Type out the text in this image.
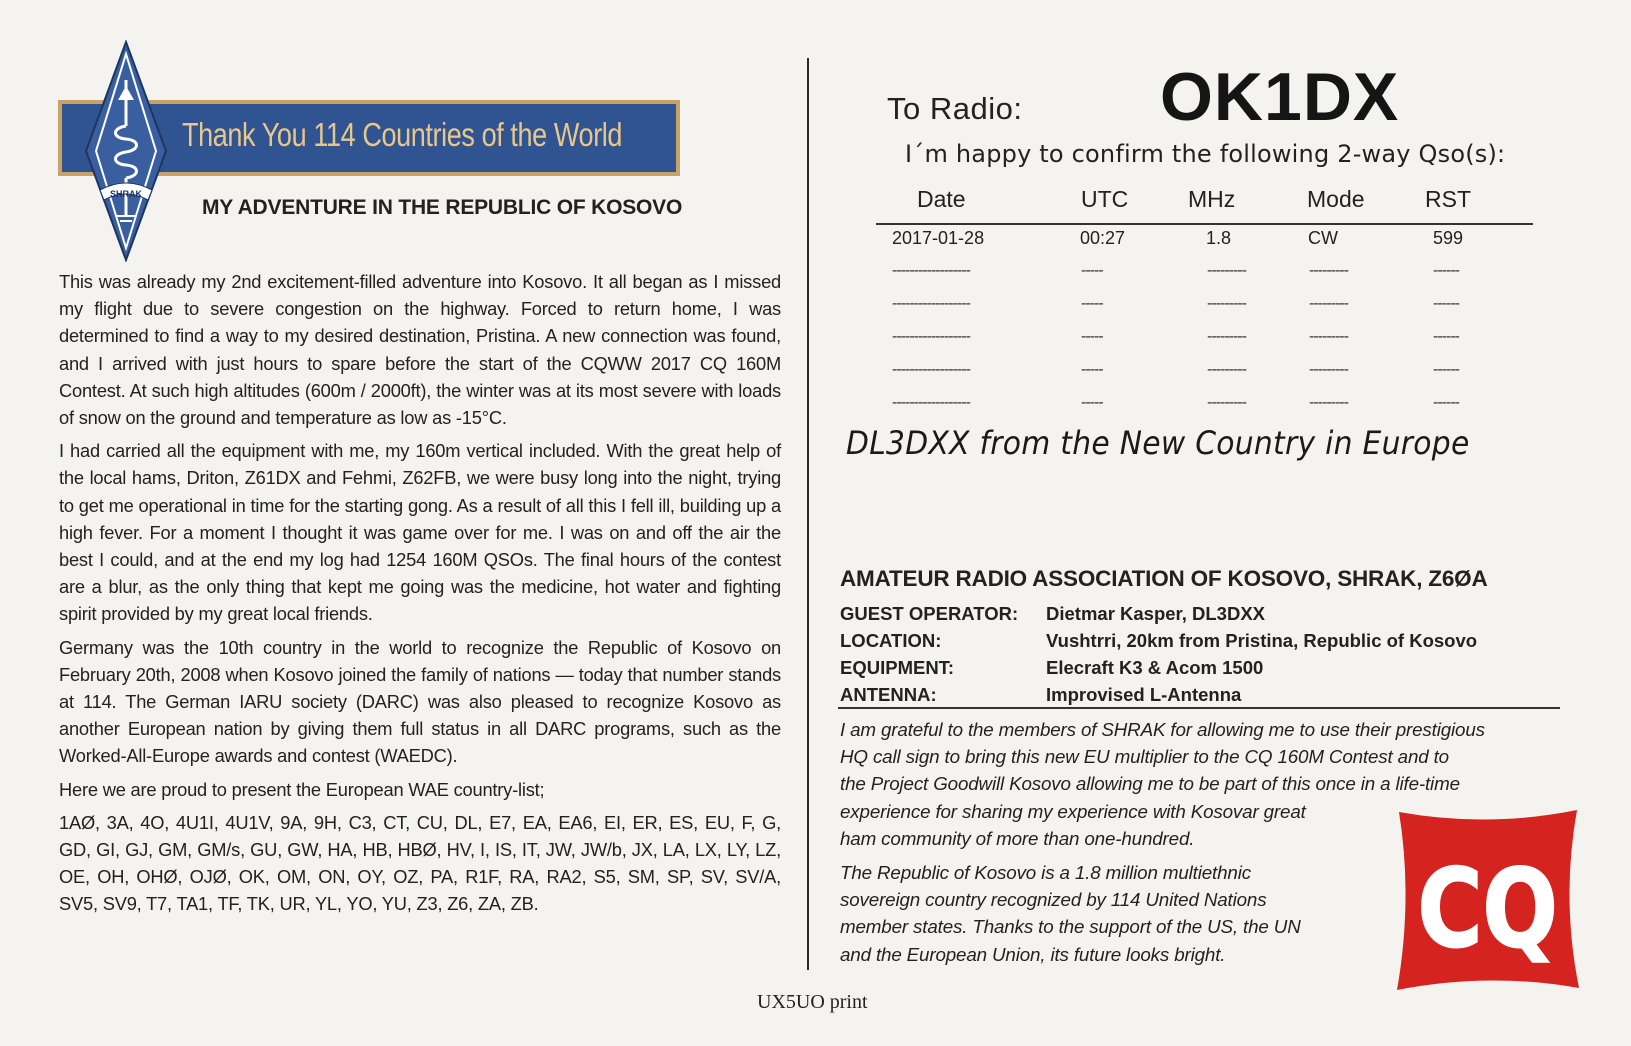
Thank You 114 Countries of the World
SHRAK
MY ADVENTURE IN THE REPUBLIC OF KOSOVO

This was already my 2nd excitement-filled adventure into Kosovo. It all began as I missed my flight due to severe congestion on the highway. Forced to return home, I was determined to find a way to my desired destination, Pristina. A new connection was found, and I arrived with just hours to spare before the start of the CQWW 2017 CQ 160M Contest. At such high altitudes (600m / 2000ft), the winter was at its most severe with loads of snow on the ground and temperature as low as -15°C.

I had carried all the equipment with me, my 160m vertical included. With the great help of the local hams, Driton, Z61DX and Fehmi, Z62FB, we were busy long into the night, trying to get me operational in time for the starting gong. As a result of all this I fell ill, building up a high fever. For a moment I thought it was game over for me. I was on and off the air the best I could, and at the end my log had 1254 160M QSOs. The final hours of the contest are a blur, as the only thing that kept me going was the medicine, hot water and fighting spirit provided by my great local friends.

Germany was the 10th country in the world to recognize the Republic of Kosovo on February 20th, 2008 when Kosovo joined the family of nations — today that number stands at 114. The German IARU society (DARC) was also pleased to recognize Kosovo as another European nation by giving them full status in all DARC programs, such as the Worked-All-Europe awards and contest (WAEDC).

Here we are proud to present the European WAE country-list;

1AØ, 3A, 4O, 4U1I, 4U1V, 9A, 9H, C3, CT, CU, DL, E7, EA, EA6, EI, ER, ES, EU, F, G, GD, GI, GJ, GM, GM/s, GU, GW, HA, HB, HBØ, HV, I, IS, IT, JW, JW/b, JX, LA, LX, LY, LZ, OE, OH, OHØ, OJØ, OK, OM, ON, OY, OZ, PA, R1F, RA, RA2, S5, SM, SP, SV, SV/A, SV5, SV9, T7, TA1, TF, TK, UR, YL, YO, YU, Z3, Z6, ZA, ZB.

To Radio: OK1DX
I´m happy to confirm the following 2-way Qso(s):
Date	UTC	MHz	Mode	RST
2017-01-28	00:27	1.8	CW	599
------------------	-----	---------	---------	------
------------------	-----	---------	---------	------
------------------	-----	---------	---------	------
------------------	-----	---------	---------	------
------------------	-----	---------	---------	------
DL3DXX from the New Country in Europe
AMATEUR RADIO ASSOCIATION OF KOSOVO, SHRAK, Z6ØA
GUEST OPERATOR: Dietmar Kasper, DL3DXX
LOCATION:	Vushtrri, 20km from Pristina, Republic of Kosovo
EQUIPMENT:	Elecraft K3 & Acom 1500
ANTENNA:	Improvised L-Antenna
I am grateful to the members of SHRAK for allowing me to use their prestigious
HQ call sign to bring this new EU multiplier to the CQ 160M Contest and to
the Project Goodwill Kosovo allowing me to be part of this once in a life-time
experience for sharing my experience with Kosovar great
ham community of more than one-hundred.
The Republic of Kosovo is a 1.8 million multiethnic
sovereign country recognized by 114 United Nations
member states. Thanks to the support of the US, the UN
and the European Union, its future looks bright.	CQ
UX5UO print
